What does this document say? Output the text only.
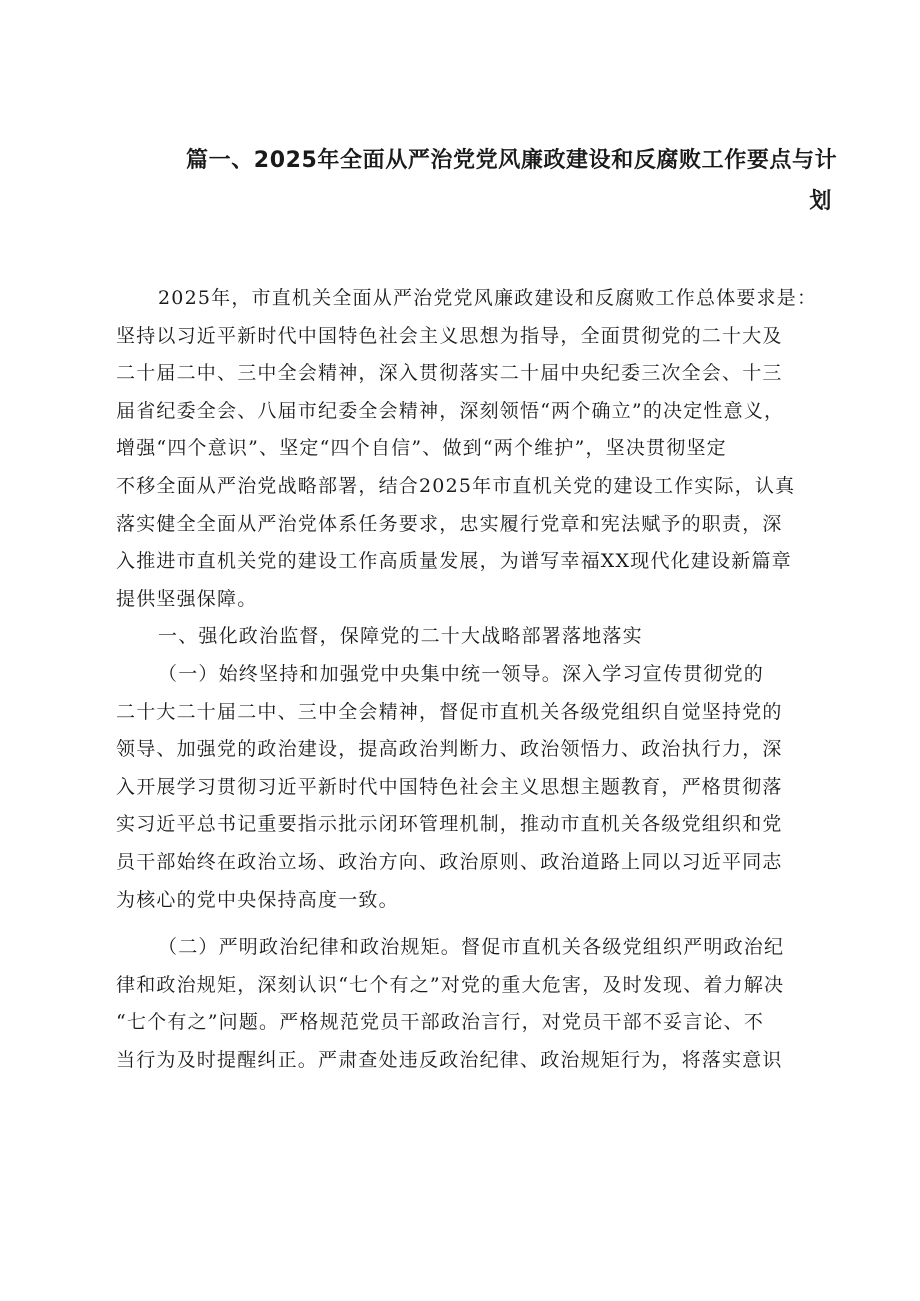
篇一、2025年全面从严治党党风廉政建设和反腐败工作要点与计
划
2025年，市直机关全面从严治党党风廉政建设和反腐败工作总体要求是：
坚持以习近平新时代中国特色社会主义思想为指导，全面贯彻党的二十大及
二十届二中、三中全会精神，深入贯彻落实二十届中央纪委三次全会、十三
届省纪委全会、八届市纪委全会精神，深刻领悟“两个确立”的决定性意义，
增强“四个意识”、坚定“四个自信”、做到“两个维护”，坚决贯彻坚定
不移全面从严治党战略部署，结合2025年市直机关党的建设工作实际，认真
落实健全全面从严治党体系任务要求，忠实履行党章和宪法赋予的职责，深
入推进市直机关党的建设工作高质量发展，为谱写幸福XX现代化建设新篇章
提供坚强保障。
一、强化政治监督，保障党的二十大战略部署落地落实
（一）始终坚持和加强党中央集中统一领导。深入学习宣传贯彻党的
二十大二十届二中、三中全会精神，督促市直机关各级党组织自觉坚持党的
领导、加强党的政治建设，提高政治判断力、政治领悟力、政治执行力，深
入开展学习贯彻习近平新时代中国特色社会主义思想主题教育，严格贯彻落
实习近平总书记重要指示批示闭环管理机制，推动市直机关各级党组织和党
员干部始终在政治立场、政治方向、政治原则、政治道路上同以习近平同志
为核心的党中央保持高度一致。
（二）严明政治纪律和政治规矩。督促市直机关各级党组织严明政治纪
律和政治规矩，深刻认识“七个有之”对党的重大危害，及时发现、着力解决
“七个有之”问题。严格规范党员干部政治言行，对党员干部不妥言论、不
当行为及时提醒纠正。严肃查处违反政治纪律、政治规矩行为，将落实意识
